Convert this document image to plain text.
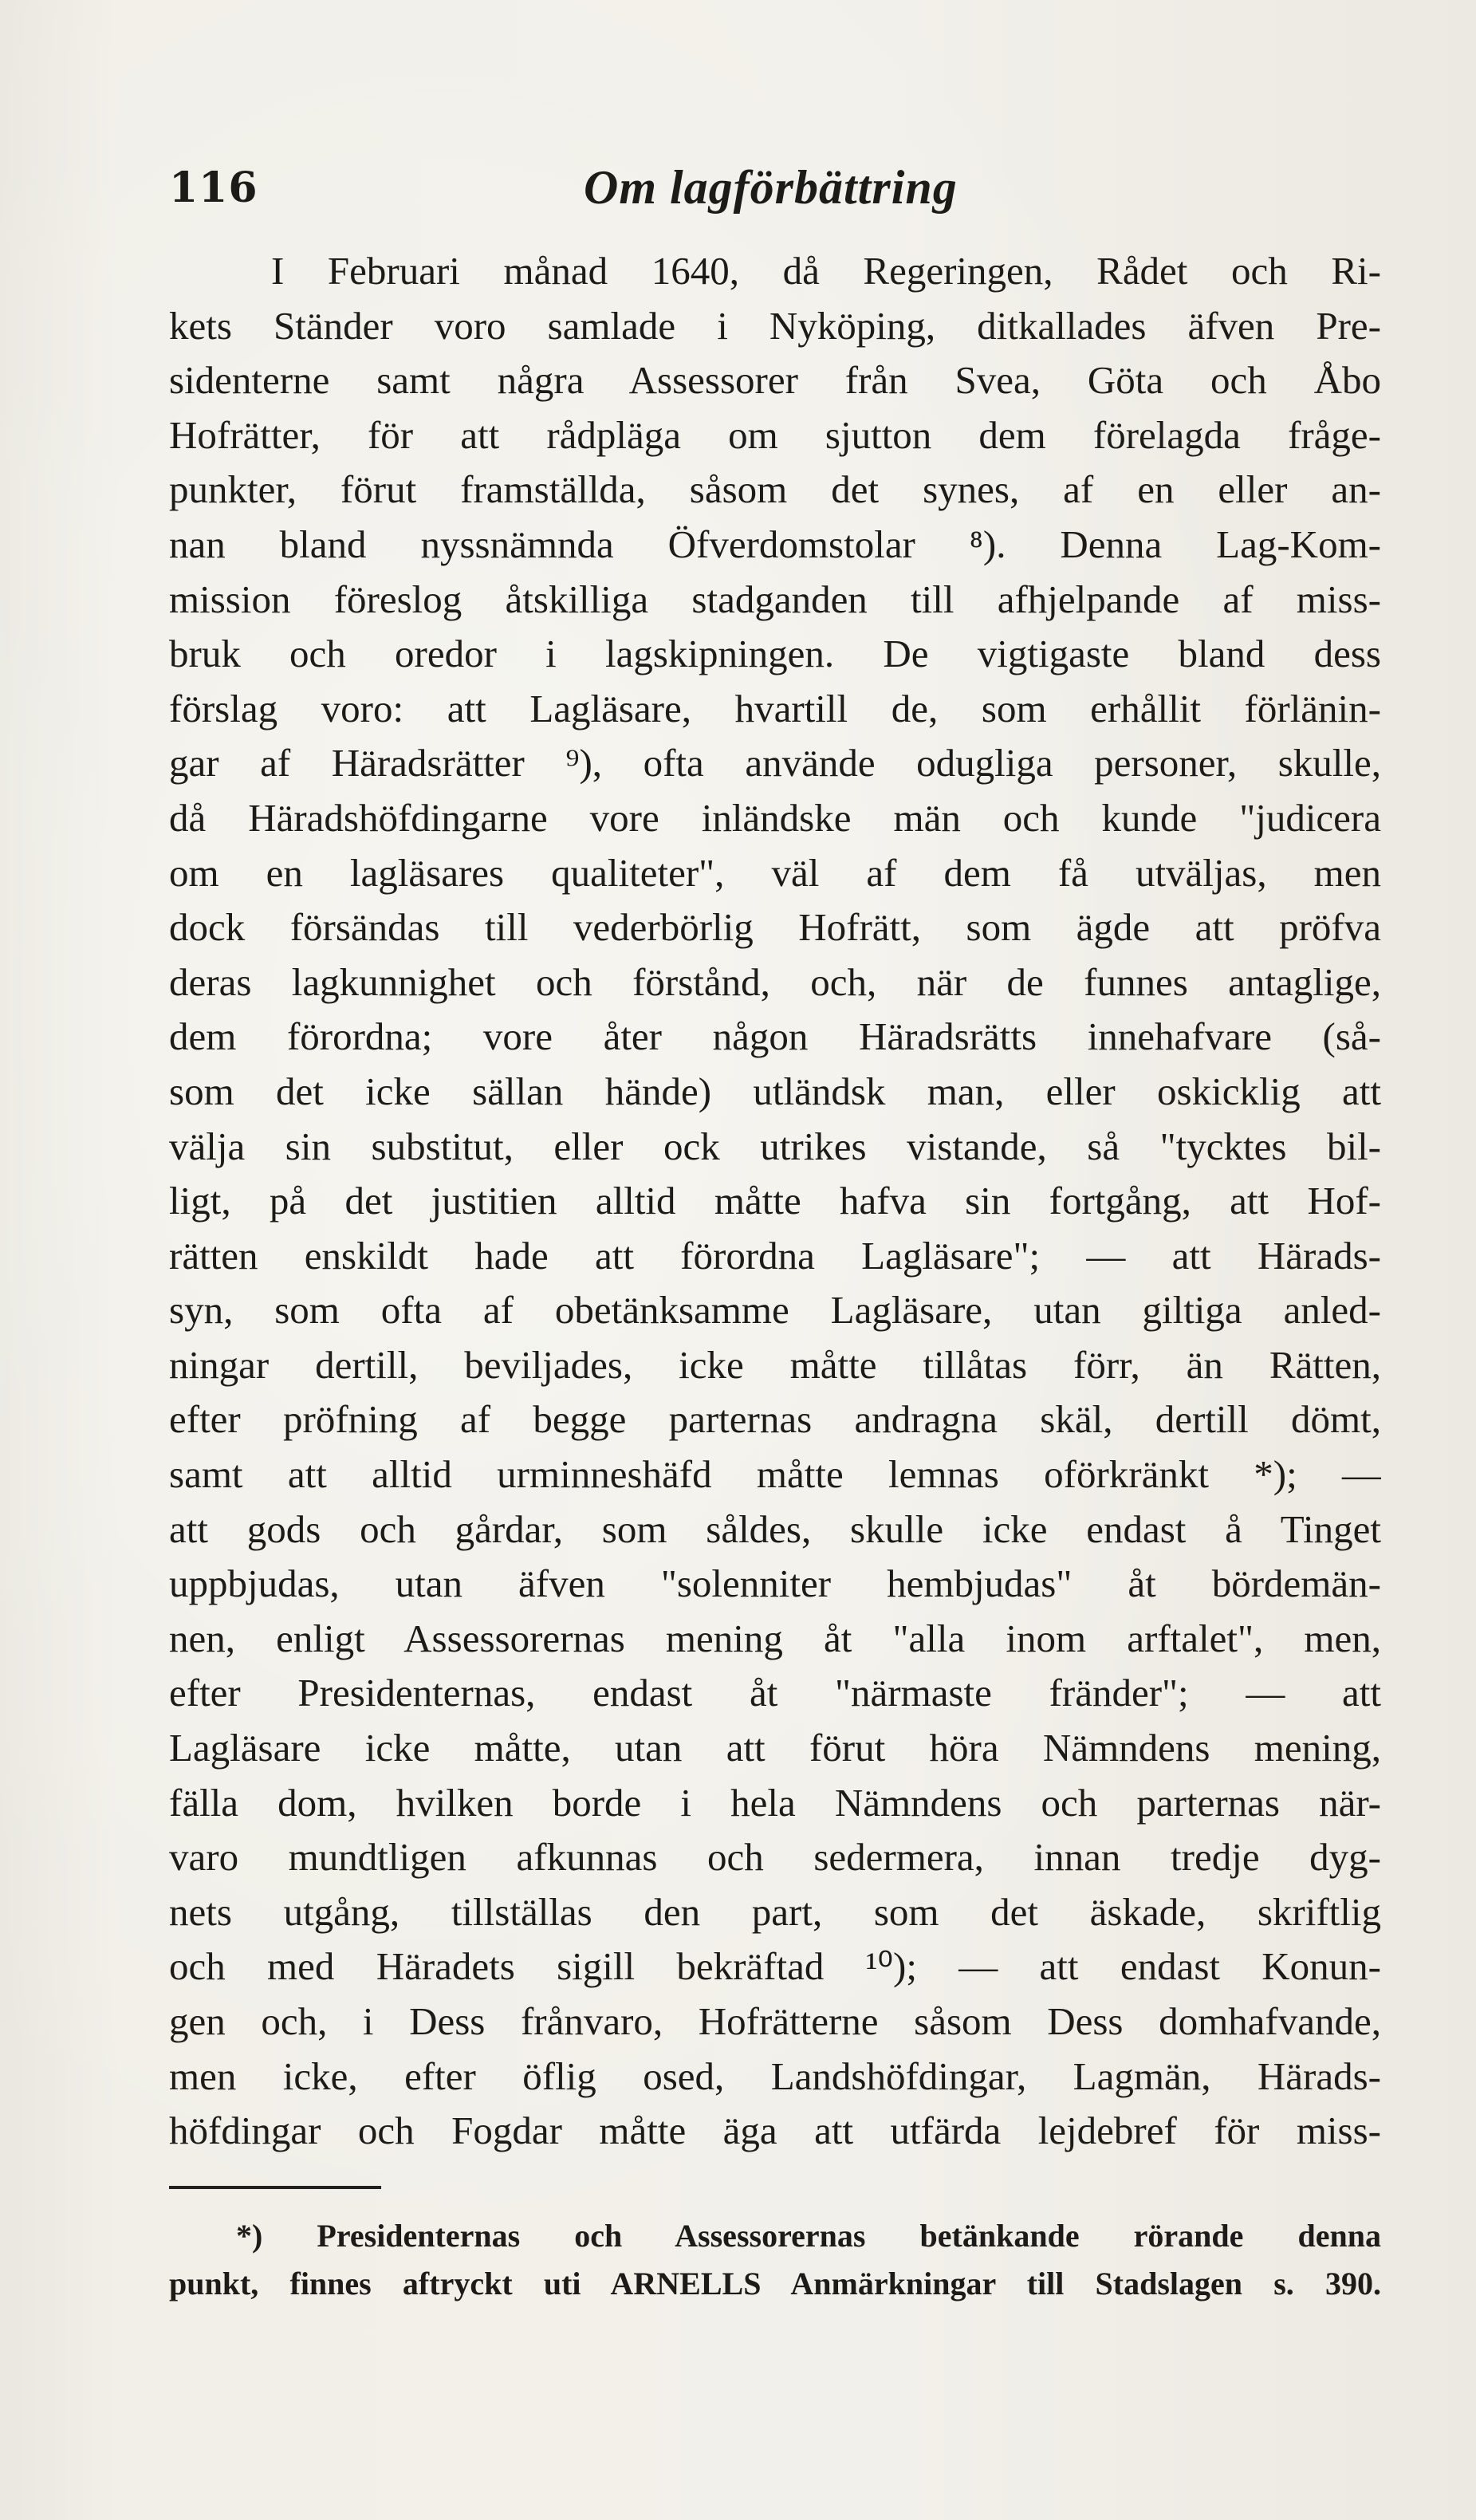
116	Om lagförbättring
I Februari månad 1640, då Regeringen, Rådet och Ri-
kets Ständer voro samlade i Nyköping, ditkallades äfven Pre-
sidenterne samt några Assessorer från Svea, Göta och Åbo
Hofrätter, för att rådpläga om sjutton dem förelagda fråge-
punkter, förut framställda, såsom det synes, af en eller an-
nan bland nyssnämnda Öfverdomstolar ⁸). Denna Lag-Kom-
mission föreslog åtskilliga stadganden till afhjelpande af miss-
bruk och oredor i lagskipningen. De vigtigaste bland dess
förslag voro: att Lagläsare, hvartill de, som erhållit förlänin-
gar af Häradsrätter ⁹), ofta använde odugliga personer, skulle,
då Häradshöfdingarne vore inländske män och kunde "judicera
om en lagläsares qualiteter", väl af dem få utväljas, men
dock försändas till vederbörlig Hofrätt, som ägde att pröfva
deras lagkunnighet och förstånd, och, när de funnes antaglige,
dem förordna; vore åter någon Häradsrätts innehafvare (så-
som det icke sällan hände) utländsk man, eller oskicklig att
välja sin substitut, eller ock utrikes vistande, så "tycktes bil-
ligt, på det justitien alltid måtte hafva sin fortgång, att Hof-
rätten enskildt hade att förordna Lagläsare"; — att Härads-
syn, som ofta af obetänksamme Lagläsare, utan giltiga anled-
ningar dertill, beviljades, icke måtte tillåtas förr, än Rätten,
efter pröfning af begge parternas andragna skäl, dertill dömt,
samt att alltid urminneshäfd måtte lemnas oförkränkt *); —
att gods och gårdar, som såldes, skulle icke endast å Tinget
uppbjudas, utan äfven "solenniter hembjudas" åt bördemän-
nen, enligt Assessorernas mening åt "alla inom arftalet", men,
efter Presidenternas, endast åt "närmaste fränder"; — att
Lagläsare icke måtte, utan att förut höra Nämndens mening,
fälla dom, hvilken borde i hela Nämndens och parternas när-
varo mundtligen afkunnas och sedermera, innan tredje dyg-
nets utgång, tillställas den part, som det äskade, skriftlig
och med Häradets sigill bekräftad ¹⁰); — att endast Konun-
gen och, i Dess frånvaro, Hofrätterne såsom Dess domhafvande,
men icke, efter öflig osed, Landshöfdingar, Lagmän, Härads-
höfdingar och Fogdar måtte äga att utfärda lejdebref för miss-
*) Presidenternas och Assessorernas betänkande rörande denna
punkt, finnes aftryckt uti ARNELLS Anmärkningar till Stadslagen s. 390.
